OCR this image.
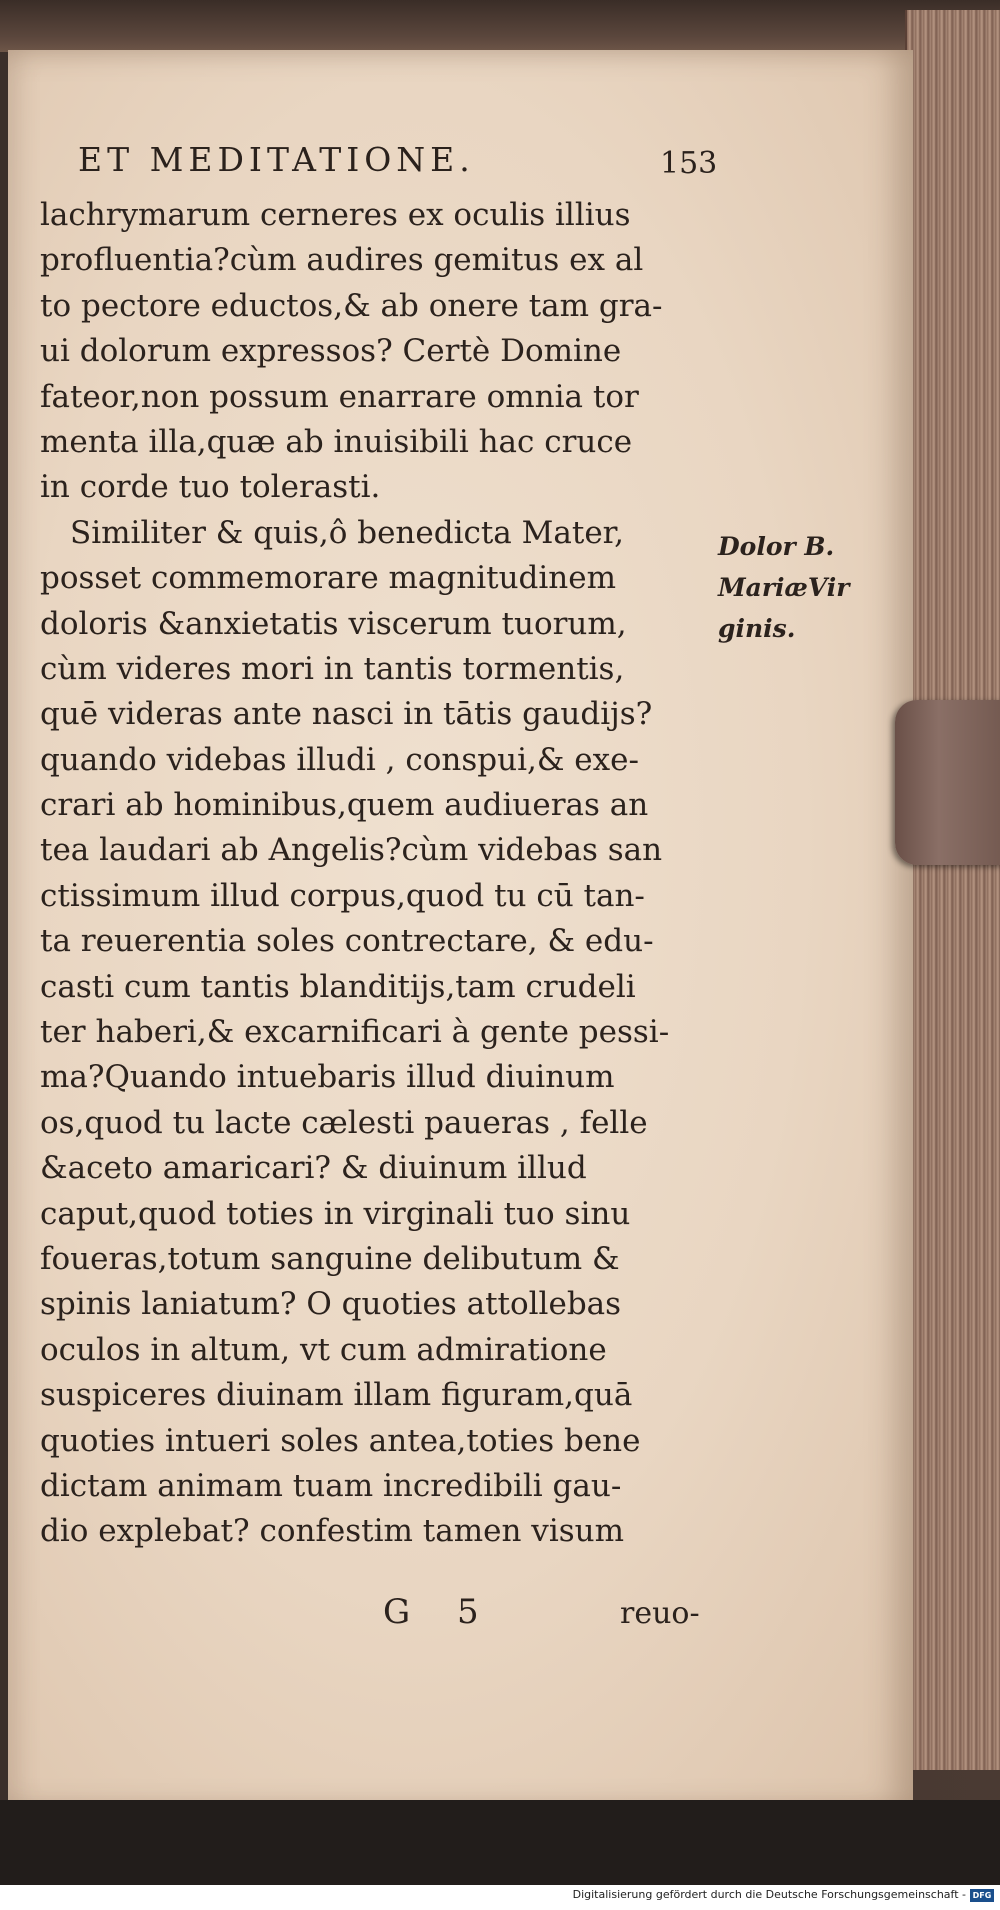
ET MEDITATIONE.	153
lachrymarum cerneres ex oculis illius
profluentia?cùm audires gemitus ex al
to pectore eductos,& ab onere tam gra-
ui dolorum expressos? Certè Domine
fateor,non possum enarrare omnia tor
menta illa,quæ ab inuisibili hac cruce
in corde tuo tolerasti.
Similiter & quis,ô benedicta Mater,
posset commemorare magnitudinem
doloris &anxietatis viscerum tuorum,
cùm videres mori in tantis tormentis,
quē videras ante nasci in tātis gaudijs?
quando videbas illudi , conspui,& exe-
crari ab hominibus,quem audiueras an
tea laudari ab Angelis?cùm videbas san
ctissimum illud corpus,quod tu cū tan-
ta reuerentia soles contrectare, & edu-
casti cum tantis blanditijs,tam crudeli
ter haberi,& excarnificari à gente pessi-
ma?Quando intuebaris illud diuinum
os,quod tu lacte cælesti paueras , felle
&aceto amaricari? & diuinum illud
caput,quod toties in virginali tuo sinu
foueras,totum sanguine delibutum &
spinis laniatum? O quoties attollebas
oculos in altum, vt cum admiratione
suspiceres diuinam illam figuram,quā
quoties intueri soles antea,toties bene
dictam animam tuam incredibili gau-
dio explebat? confestim tamen visum
Dolor B.
MariæVir
ginis.
G 5	reuo-
Digitalisierung gefördert durch die Deutsche Forschungsgemeinschaft - DFG
